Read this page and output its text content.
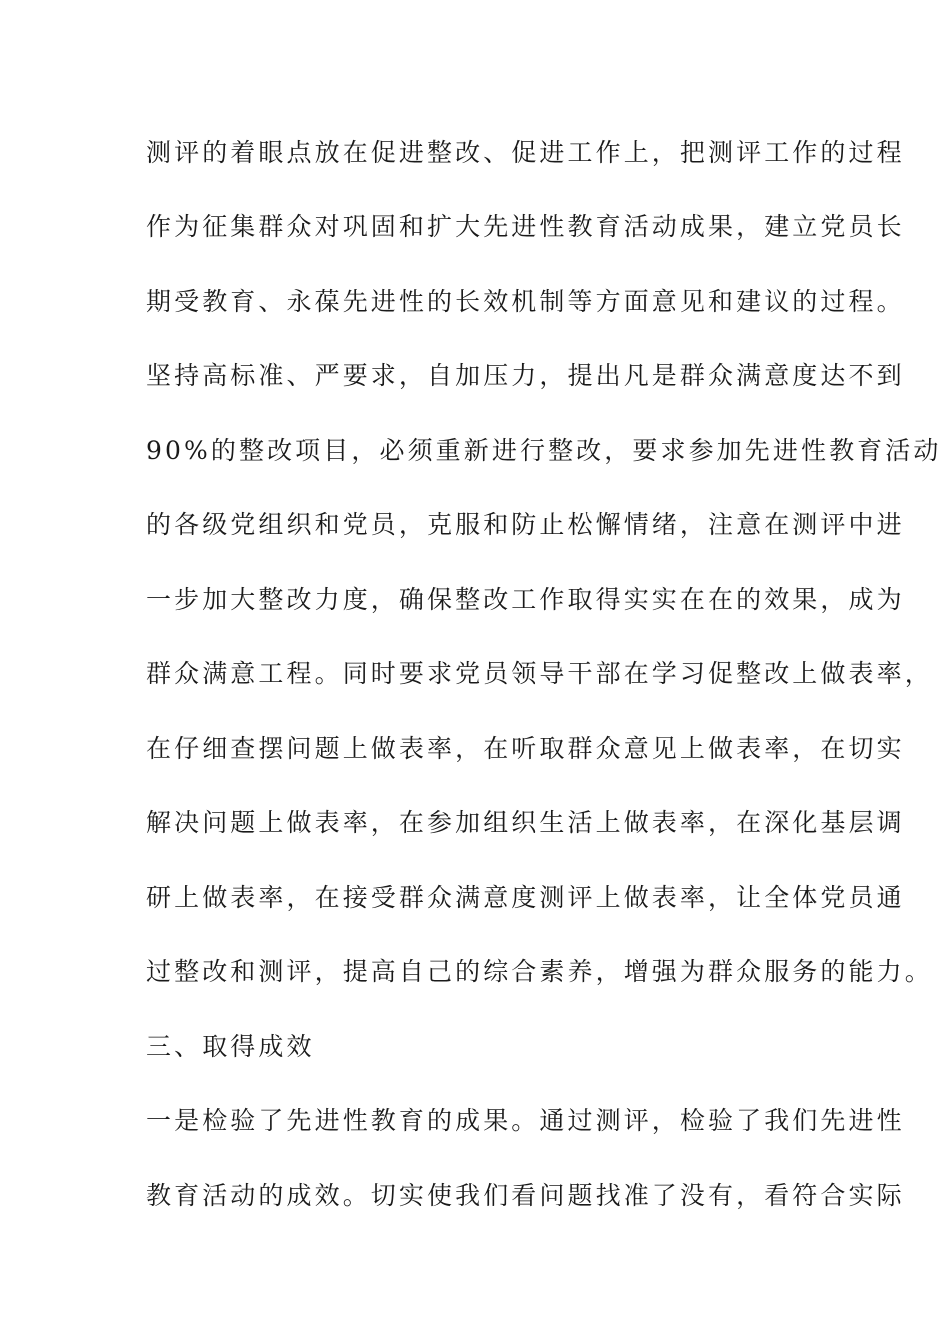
测评的着眼点放在促进整改、促进工作上，把测评工作的过程
作为征集群众对巩固和扩大先进性教育活动成果，建立党员长
期受教育、永葆先进性的长效机制等方面意见和建议的过程。
坚持高标准、严要求，自加压力，提出凡是群众满意度达不到
90%的整改项目，必须重新进行整改，要求参加先进性教育活动
的各级党组织和党员，克服和防止松懈情绪，注意在测评中进
一步加大整改力度，确保整改工作取得实实在在的效果，成为
群众满意工程。同时要求党员领导干部在学习促整改上做表率，
在仔细查摆问题上做表率，在听取群众意见上做表率，在切实
解决问题上做表率，在参加组织生活上做表率，在深化基层调
研上做表率，在接受群众满意度测评上做表率，让全体党员通
过整改和测评，提高自己的综合素养，增强为群众服务的能力。
三、取得成效
一是检验了先进性教育的成果。通过测评，检验了我们先进性
教育活动的成效。切实使我们看问题找准了没有，看符合实际
